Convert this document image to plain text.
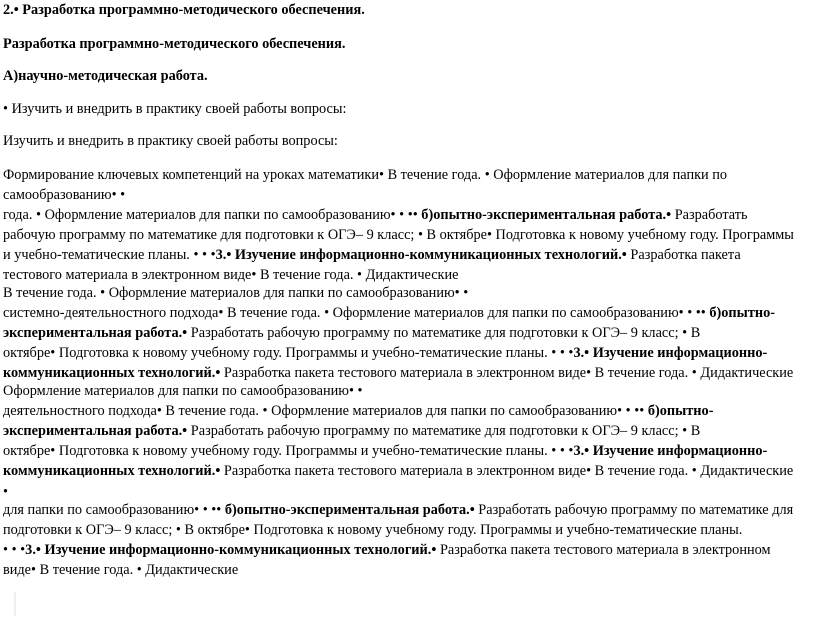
2.• Разработка программно-методического обеспечения.
Разработка программно-методического обеспечения.
А)научно-методическая работа.
• Изучить и внедрить в практику своей работы вопросы:
Изучить и внедрить в практику своей работы вопросы:
Формирование ключевых компетенций на уроках математики• В течение года. • Оформление материалов для папки по
самообразованию• •
года. • Оформление материалов для папки по самообразованию• • •• б)опытно-экспериментальная работа.• Разработать
рабочую программу по математике для подготовки к ОГЭ– 9 класс; • В октябре• Подготовка к новому учебному году. Программы
и учебно-тематические планы. • • •3.• Изучение информационно-коммуникационных технологий.• Разработка пакета
тестового материала в электронном виде• В течение года. • Дидактические
В течение года. • Оформление материалов для папки по самообразованию• •
системно-деятельностного подхода• В течение года. • Оформление материалов для папки по самообразованию• • •• б)опытно-
экспериментальная работа.• Разработать рабочую программу по математике для подготовки к ОГЭ– 9 класс; • В
октябре• Подготовка к новому учебному году. Программы и учебно-тематические планы. • • •3.• Изучение информационно-
коммуникационных технологий.• Разработка пакета тестового материала в электронном виде• В течение года. • Дидактические
Оформление материалов для папки по самообразованию• •
деятельностного подхода• В течение года. • Оформление материалов для папки по самообразованию• • •• б)опытно-
экспериментальная работа.• Разработать рабочую программу по математике для подготовки к ОГЭ– 9 класс; • В
октябре• Подготовка к новому учебному году. Программы и учебно-тематические планы. • • •3.• Изучение информационно-
коммуникационных технологий.• Разработка пакета тестового материала в электронном виде• В течение года. • Дидактические
•
для папки по самообразованию• • •• б)опытно-экспериментальная работа.• Разработать рабочую программу по математике для
подготовки к ОГЭ– 9 класс; • В октябре• Подготовка к новому учебному году. Программы и учебно-тематические планы.
• • •3.• Изучение информационно-коммуникационных технологий.• Разработка пакета тестового материала в электронном
виде• В течение года. • Дидактические
